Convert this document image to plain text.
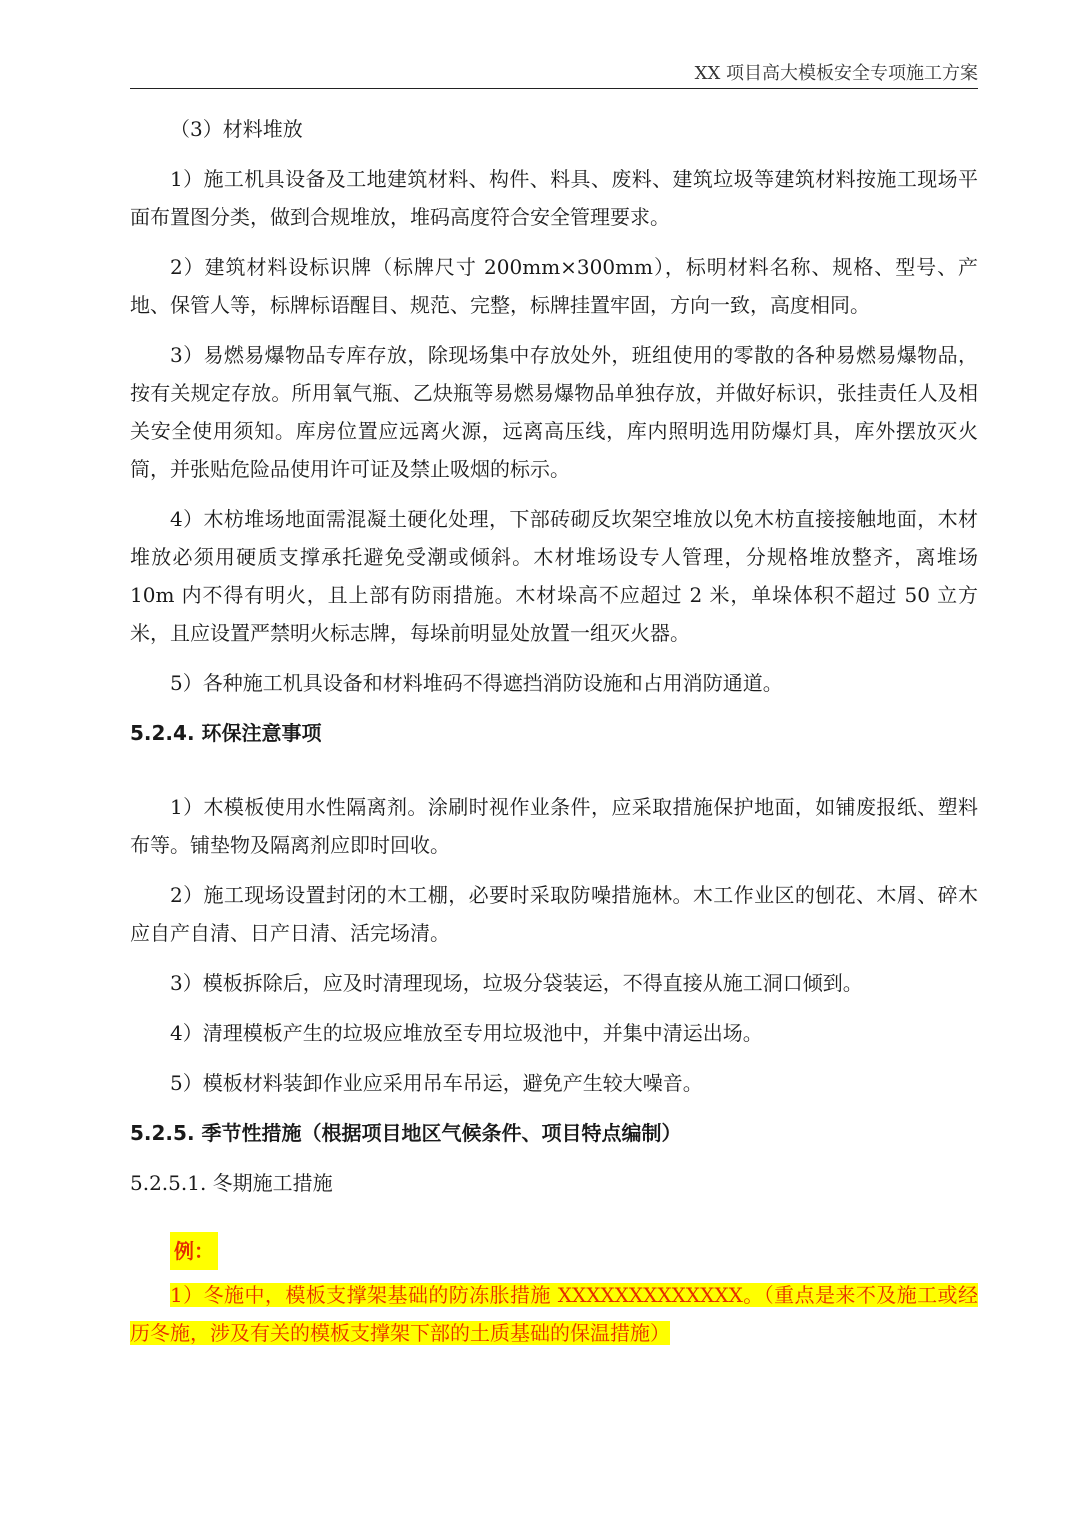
XX 项目高大模板安全专项施工方案

（3）材料堆放

1）施工机具设备及工地建筑材料、构件、料具、废料、建筑垃圾等建筑材料按施工现场平面布置图分类，做到合规堆放，堆码高度符合安全管理要求。

2）建筑材料设标识牌（标牌尺寸 200mm×300mm），标明材料名称、规格、型号、产地、保管人等，标牌标语醒目、规范、完整，标牌挂置牢固，方向一致，高度相同。

3）易燃易爆物品专库存放，除现场集中存放处外，班组使用的零散的各种易燃易爆物品，按有关规定存放。所用氧气瓶、乙炔瓶等易燃易爆物品单独存放，并做好标识，张挂责任人及相关安全使用须知。库房位置应远离火源，远离高压线，库内照明选用防爆灯具，库外摆放灭火筒，并张贴危险品使用许可证及禁止吸烟的标示。

4）木枋堆场地面需混凝土硬化处理，下部砖砌反坎架空堆放以免木枋直接接触地面，木材堆放必须用硬质支撑承托避免受潮或倾斜。木材堆场设专人管理，分规格堆放整齐，离堆场 10m 内不得有明火，且上部有防雨措施。木材垛高不应超过 2 米，单垛体积不超过 50 立方米，且应设置严禁明火标志牌，每垛前明显处放置一组灭火器。

5）各种施工机具设备和材料堆码不得遮挡消防设施和占用消防通道。

5.2.4. 环保注意事项

1）木模板使用水性隔离剂。涂刷时视作业条件，应采取措施保护地面，如铺废报纸、塑料布等。铺垫物及隔离剂应即时回收。

2）施工现场设置封闭的木工棚，必要时采取防噪措施林。木工作业区的刨花、木屑、碎木应自产自清、日产日清、活完场清。

3）模板拆除后，应及时清理现场，垃圾分袋装运，不得直接从施工洞口倾到。

4）清理模板产生的垃圾应堆放至专用垃圾池中，并集中清运出场。

5）模板材料装卸作业应采用吊车吊运，避免产生较大噪音。

5.2.5. 季节性措施（根据项目地区气候条件、项目特点编制）

5.2.5.1. 冬期施工措施

例：

1）冬施中，模板支撑架基础的防冻胀措施 XXXXXXXXXXXXX。（重点是来不及施工或经历冬施，涉及有关的模板支撑架下部的土质基础的保温措施）
